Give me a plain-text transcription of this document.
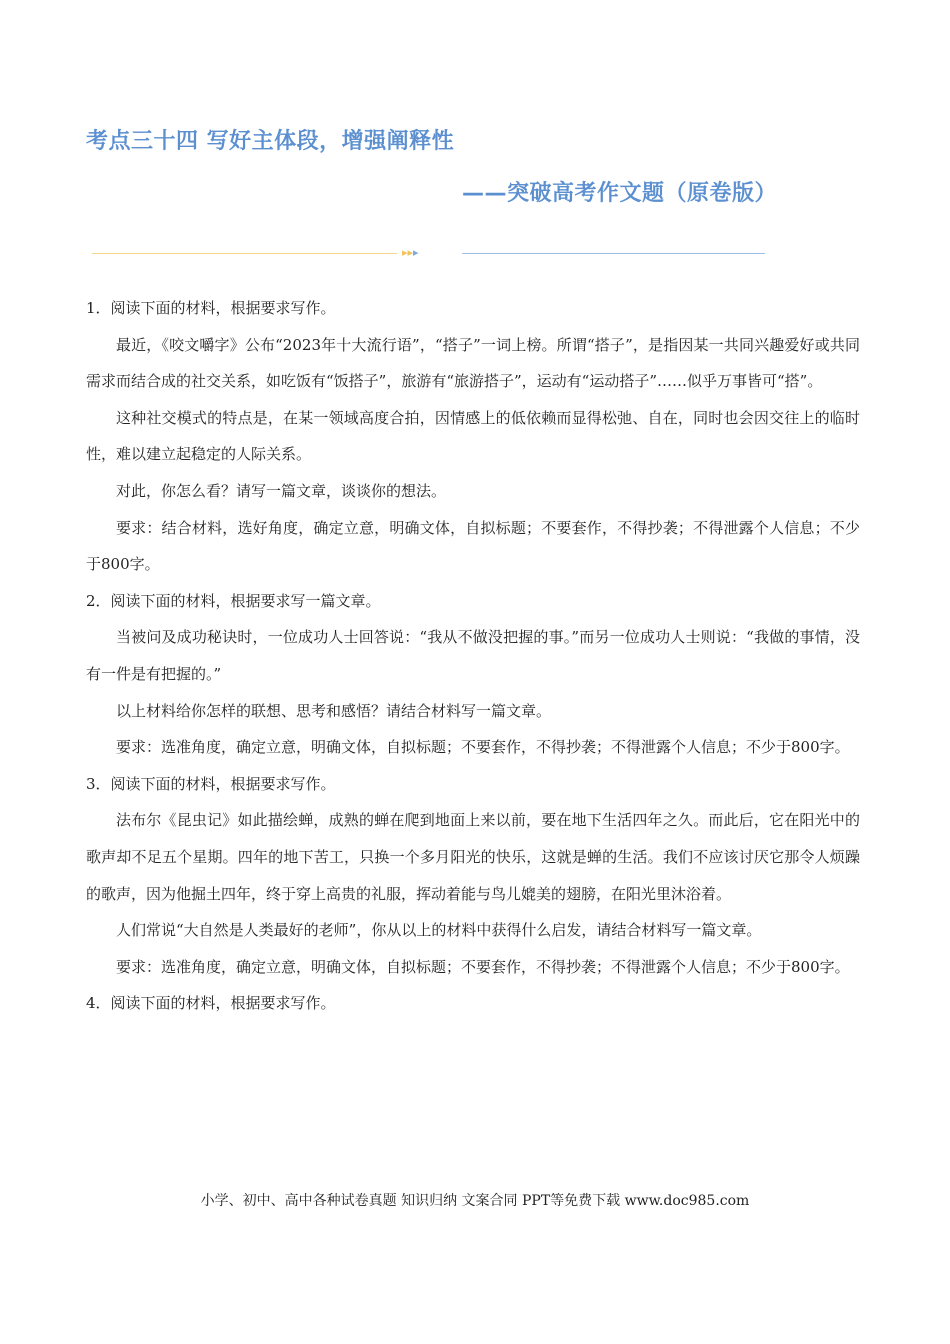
考点三十四 写好主体段，增强阐释性
——突破高考作文题（原卷版）
▸▸▸

1．阅读下面的材料，根据要求写作。

最近，《咬文嚼字》公布“2023年十大流行语”，“搭子”一词上榜。所谓“搭子”，是指因某一共同兴趣爱好或共同需求而结合成的社交关系，如吃饭有“饭搭子”，旅游有“旅游搭子”，运动有“运动搭子”……似乎万事皆可“搭”。

这种社交模式的特点是，在某一领域高度合拍，因情感上的低依赖而显得松弛、自在，同时也会因交往上的临时性，难以建立起稳定的人际关系。

对此，你怎么看？请写一篇文章，谈谈你的想法。

要求：结合材料，选好角度，确定立意，明确文体，自拟标题；不要套作，不得抄袭；不得泄露个人信息；不少于800字。

2．阅读下面的材料，根据要求写一篇文章。

当被问及成功秘诀时，一位成功人士回答说：“我从不做没把握的事。”而另一位成功人士则说：“我做的事情，没有一件是有把握的。”

以上材料给你怎样的联想、思考和感悟？请结合材料写一篇文章。

要求：选准角度，确定立意，明确文体，自拟标题；不要套作，不得抄袭；不得泄露个人信息；不少于800字。

3．阅读下面的材料，根据要求写作。

法布尔《昆虫记》如此描绘蝉，成熟的蝉在爬到地面上来以前，要在地下生活四年之久。而此后，它在阳光中的歌声却不足五个星期。四年的地下苦工，只换一个多月阳光的快乐，这就是蝉的生活。我们不应该讨厌它那令人烦躁的歌声，因为他掘土四年，终于穿上高贵的礼服，挥动着能与鸟儿媲美的翅膀，在阳光里沐浴着。

人们常说“大自然是人类最好的老师”，你从以上的材料中获得什么启发，请结合材料写一篇文章。

要求：选准角度，确定立意，明确文体，自拟标题；不要套作，不得抄袭；不得泄露个人信息；不少于800字。

4．阅读下面的材料，根据要求写作。

小学、初中、高中各种试卷真题 知识归纳 文案合同 PPT等免费下载 www.doc985.com
